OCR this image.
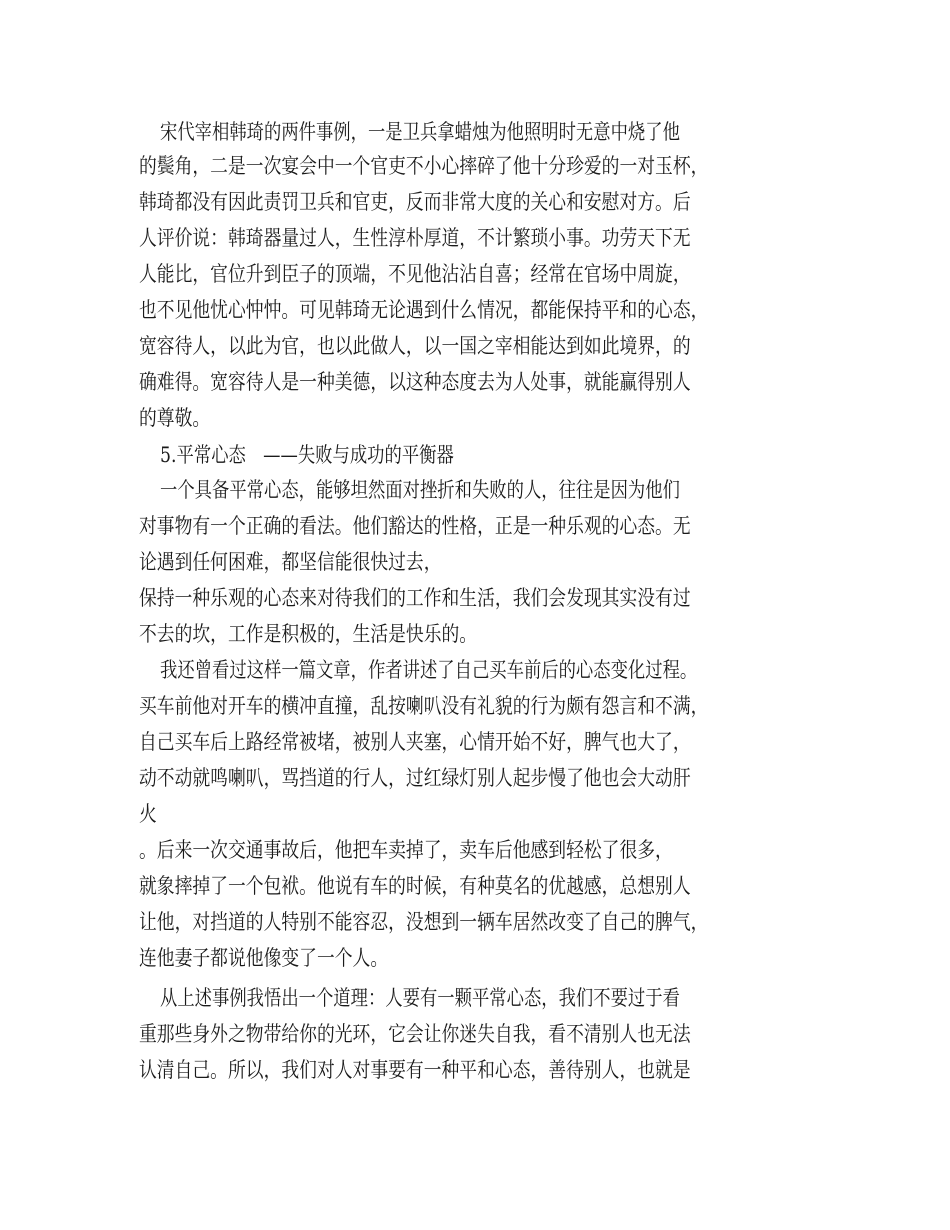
宋代宰相韩琦的两件事例，一是卫兵拿蜡烛为他照明时无意中烧了他
的鬓角，二是一次宴会中一个官吏不小心摔碎了他十分珍爱的一对玉杯，
韩琦都没有因此责罚卫兵和官吏，反而非常大度的关心和安慰对方。后
人评价说：韩琦器量过人，生性淳朴厚道，不计繁琐小事。功劳天下无
人能比，官位升到臣子的顶端，不见他沾沾自喜；经常在官场中周旋，
也不见他忧心忡忡。可见韩琦无论遇到什么情况，都能保持平和的心态，
宽容待人，以此为官，也以此做人，以一国之宰相能达到如此境界，的
确难得。宽容待人是一种美德，以这种态度去为人处事，就能赢得别人
的尊敬。
5.平常心态　——失败与成功的平衡器
一个具备平常心态，能够坦然面对挫折和失败的人，往往是因为他们
对事物有一个正确的看法。他们豁达的性格，正是一种乐观的心态。无
论遇到任何困难，都坚信能很快过去，
保持一种乐观的心态来对待我们的工作和生活，我们会发现其实没有过
不去的坎，工作是积极的，生活是快乐的。
我还曾看过这样一篇文章，作者讲述了自己买车前后的心态变化过程。
买车前他对开车的横冲直撞，乱按喇叭没有礼貌的行为颇有怨言和不满，
自己买车后上路经常被堵，被别人夹塞，心情开始不好，脾气也大了，
动不动就鸣喇叭，骂挡道的行人，过红绿灯别人起步慢了他也会大动肝
火
。后来一次交通事故后，他把车卖掉了，卖车后他感到轻松了很多，
就象摔掉了一个包袱。他说有车的时候，有种莫名的优越感，总想别人
让他，对挡道的人特别不能容忍，没想到一辆车居然改变了自己的脾气，
连他妻子都说他像变了一个人。
从上述事例我悟出一个道理：人要有一颗平常心态，我们不要过于看
重那些身外之物带给你的光环，它会让你迷失自我，看不清别人也无法
认清自己。所以，我们对人对事要有一种平和心态，善待别人，也就是
